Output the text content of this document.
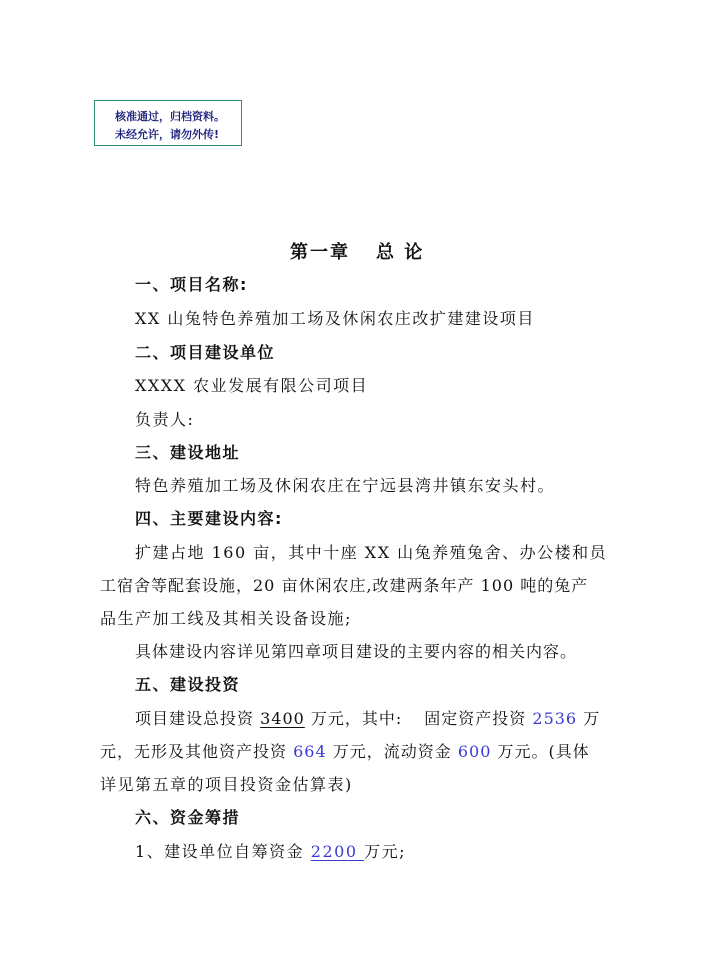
核准通过，归档资料。
未经允许，请勿外传!
第一章 总 论
一、项目名称:
XX 山兔特色养殖加工场及休闲农庄改扩建建设项目
二、项目建设单位
XXXX 农业发展有限公司项目
负责人:
三、建设地址
特色养殖加工场及休闲农庄在宁远县湾井镇东安头村。
四、主要建设内容:
扩建占地 160 亩，其中十座 XX 山兔养殖兔舍、办公楼和员
工宿舍等配套设施，20 亩休闲农庄,改建两条年产 100 吨的兔产
品生产加工线及其相关设备设施;
具体建设内容详见第四章项目建设的主要内容的相关内容。
五、建设投资
项目建设总投资 3400 万元，其中: 固定资产投资 2536 万
元，无形及其他资产投资 664 万元，流动资金 600 万元。(具体
详见第五章的项目投资金估算表)
六、资金筹措
1、建设单位自筹资金 2200 万元;
